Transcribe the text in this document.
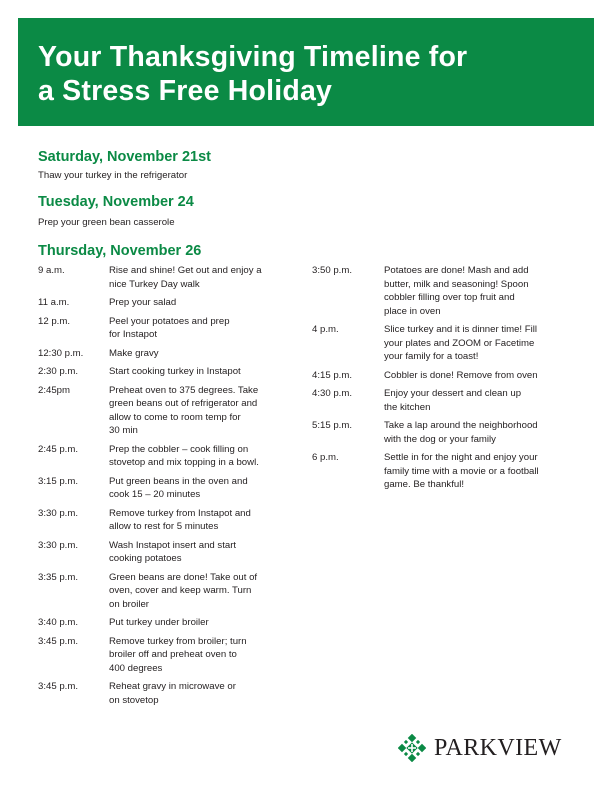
Your Thanksgiving Timeline for
a Stress Free Holiday
Saturday, November 21st

Thaw your turkey in the refrigerator

Tuesday, November 24

Prep your green bean casserole

Thursday, November 26
9 a.m.	Rise and shine! Get out and enjoy a
nice Turkey Day walk
11 a.m.	Prep your salad
12 p.m.	Peel your potatoes and prep
for Instapot
12:30 p.m.	Make gravy
2:30 p.m.	Start cooking turkey in Instapot
2:45pm	Preheat oven to 375 degrees. Take
green beans out of refrigerator and
allow to come to room temp for
30 min
2:45 p.m.	Prep the cobbler – cook filling on
stovetop and mix topping in a bowl.
3:15 p.m.	Put green beans in the oven and
cook 15 – 20 minutes
3:30 p.m.	Remove turkey from Instapot and
allow to rest for 5 minutes
3:30 p.m.	Wash Instapot insert and start
cooking potatoes
3:35 p.m.	Green beans are done! Take out of
oven, cover and keep warm. Turn
on broiler
3:40 p.m.	Put turkey under broiler
3:45 p.m.	Remove turkey from broiler; turn
broiler off and preheat oven to
400 degrees
3:45 p.m.	Reheat gravy in microwave or
on stovetop
3:50 p.m.	Potatoes are done! Mash and add
butter, milk and seasoning! Spoon
cobbler filling over top fruit and
place in oven
4 p.m.	Slice turkey and it is dinner time! Fill
your plates and ZOOM or Facetime
your family for a toast!
4:15 p.m.	Cobbler is done! Remove from oven
4:30 p.m.	Enjoy your dessert and clean up
the kitchen
5:15 p.m.	Take a lap around the neighborhood
with the dog or your family
6 p.m.	Settle in for the night and enjoy your
family time with a movie or a football
game. Be thankful!
PARKVIEW
